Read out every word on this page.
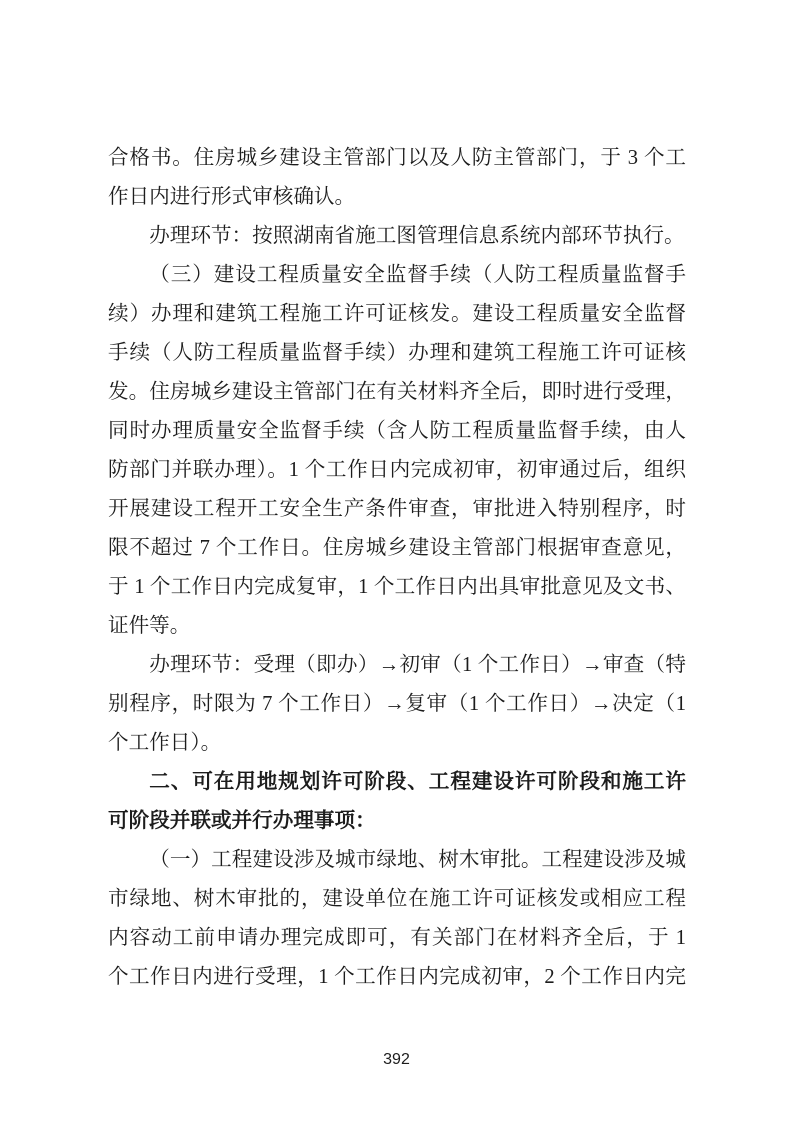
合格书。住房城乡建设主管部门以及人防主管部门，于 3 个工
作日内进行形式审核确认。
办理环节：按照湖南省施工图管理信息系统内部环节执行。
（三）建设工程质量安全监督手续（人防工程质量监督手
续）办理和建筑工程施工许可证核发。建设工程质量安全监督
手续（人防工程质量监督手续）办理和建筑工程施工许可证核
发。住房城乡建设主管部门在有关材料齐全后，即时进行受理，
同时办理质量安全监督手续（含人防工程质量监督手续，由人
防部门并联办理）。1 个工作日内完成初审，初审通过后，组织
开展建设工程开工安全生产条件审查，审批进入特别程序，时
限不超过 7 个工作日。住房城乡建设主管部门根据审查意见，
于 1 个工作日内完成复审，1 个工作日内出具审批意见及文书、
证件等。
办理环节：受理（即办）→初审（1 个工作日）→审查（特
别程序，时限为 7 个工作日）→复审（1 个工作日）→决定（1
个工作日）。
二、可在用地规划许可阶段、工程建设许可阶段和施工许
可阶段并联或并行办理事项：
（一）工程建设涉及城市绿地、树木审批。工程建设涉及城
市绿地、树木审批的，建设单位在施工许可证核发或相应工程
内容动工前申请办理完成即可，有关部门在材料齐全后，于 1
个工作日内进行受理，1 个工作日内完成初审，2 个工作日内完
392
